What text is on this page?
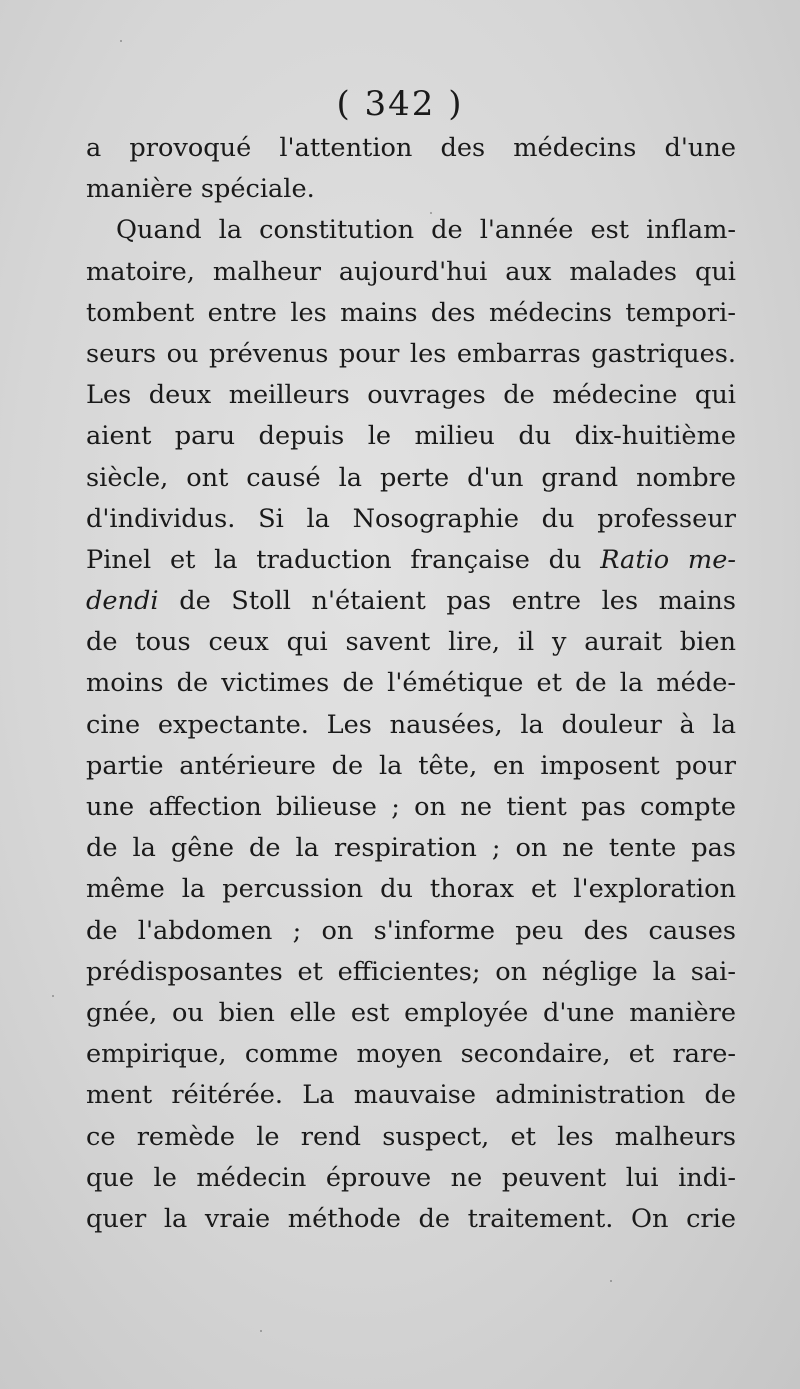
( 342 )
a provoqué l'attention des médecins d'une
manière spéciale.
Quand la constitution de l'année est inflam-
matoire, malheur aujourd'hui aux malades qui
tombent entre les mains des médecins tempori-
seurs ou prévenus pour les embarras gastriques.
Les deux meilleurs ouvrages de médecine qui
aient paru depuis le milieu du dix-huitième
siècle, ont causé la perte d'un grand nombre
d'individus. Si la Nosographie du professeur
Pinel et la traduction française du Ratio me-
dendi de Stoll n'étaient pas entre les mains
de tous ceux qui savent lire, il y aurait bien
moins de victimes de l'émétique et de la méde-
cine expectante. Les nausées, la douleur à la
partie antérieure de la tête, en imposent pour
une affection bilieuse ; on ne tient pas compte
de la gêne de la respiration ; on ne tente pas
même la percussion du thorax et l'exploration
de l'abdomen ; on s'informe peu des causes
prédisposantes et efficientes; on néglige la sai-
gnée, ou bien elle est employée d'une manière
empirique, comme moyen secondaire, et rare-
ment réitérée. La mauvaise administration de
ce remède le rend suspect, et les malheurs
que le médecin éprouve ne peuvent lui indi-
quer la vraie méthode de traitement. On crie
